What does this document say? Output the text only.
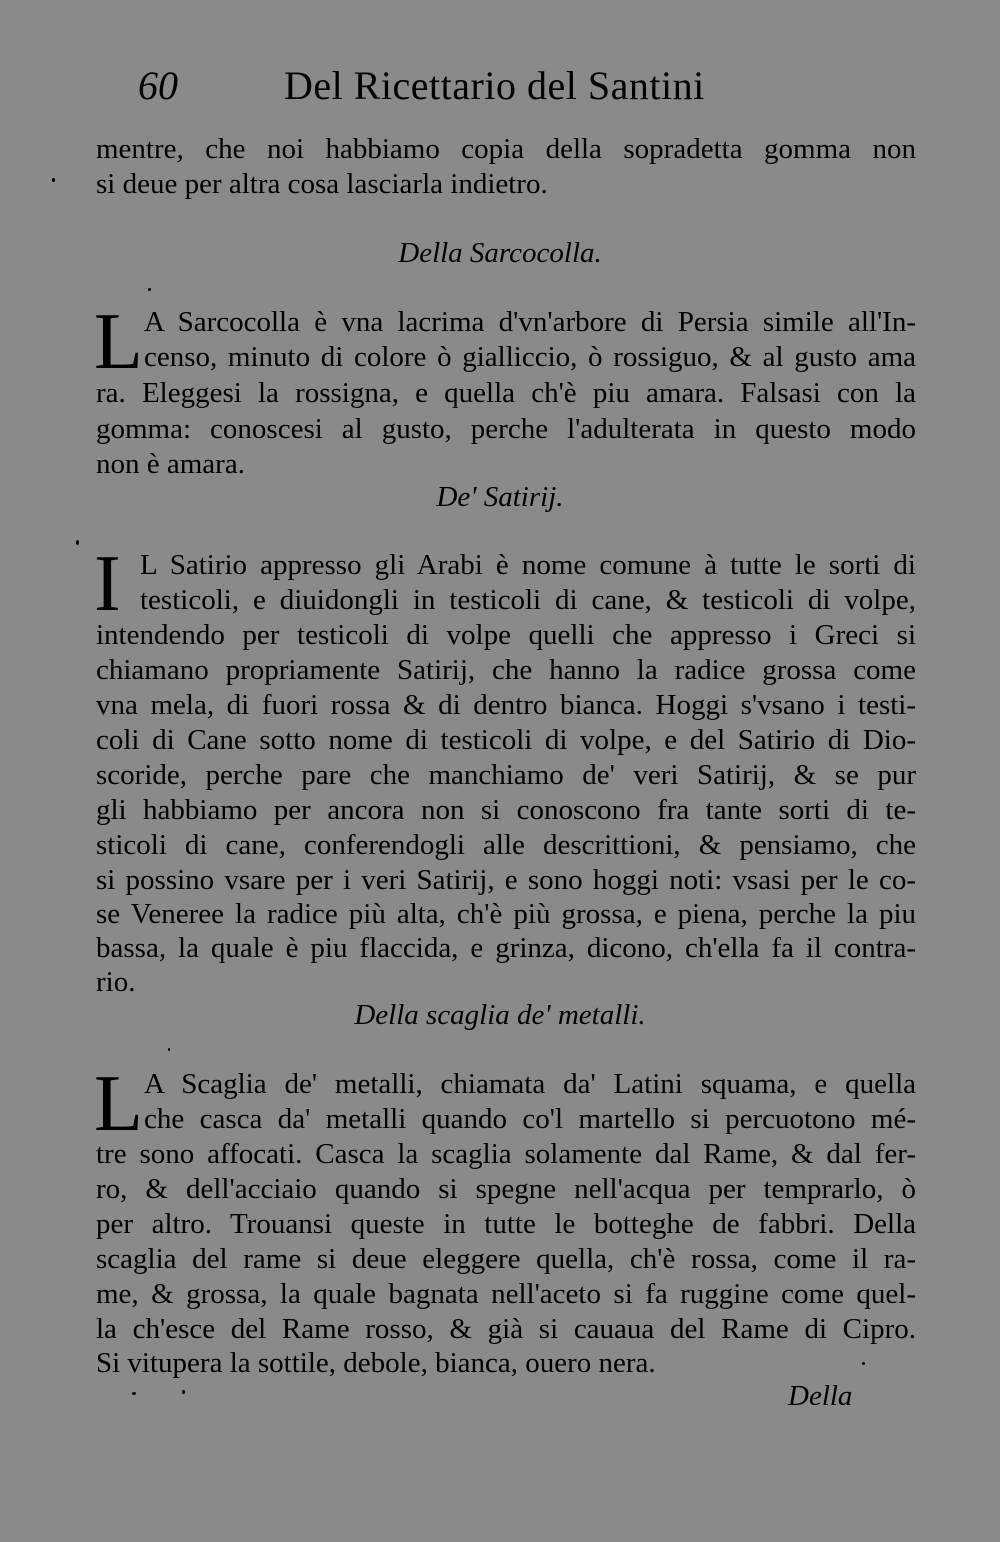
60	Del Ricettario del Santini
mentre, che noi habbiamo copia della sopradetta gomma non
si deue per altra cosa lasciarla indietro.
Della Sarcocolla.
L A Sarcocolla è vna lacrima d'vn'arbore di Persia simile all'In-
censo, minuto di colore ò gialliccio, ò rossiguo, & al gusto ama
ra. Eleggesi la rossigna, e quella ch'è piu amara. Falsasi con la
gomma: conoscesi al gusto, perche l'adulterata in questo modo
non è amara.
De' Satirij.
I L Satirio appresso gli Arabi è nome comune à tutte le sorti di
testicoli, e diuidongli in testicoli di cane, & testicoli di volpe,
intendendo per testicoli di volpe quelli che appresso i Greci si
chiamano propriamente Satirij, che hanno la radice grossa come
vna mela, di fuori rossa & di dentro bianca. Hoggi s'vsano i testi-
coli di Cane sotto nome di testicoli di volpe, e del Satirio di Dio-
scoride, perche pare che manchiamo de' veri Satirij, & se pur
gli habbiamo per ancora non si conoscono fra tante sorti di te-
sticoli di cane, conferendogli alle descrittioni, & pensiamo, che
si possino vsare per i veri Satirij, e sono hoggi noti: vsasi per le co-
se Veneree la radice più alta, ch'è più grossa, e piena, perche la piu
bassa, la quale è piu flaccida, e grinza, dicono, ch'ella fa il contra-
rio.
Della scaglia de' metalli.
L A Scaglia de' metalli, chiamata da' Latini squama, e quella
che casca da' metalli quando co'l martello si percuotono mé-
tre sono affocati. Casca la scaglia solamente dal Rame, & dal fer-
ro, & dell'acciaio quando si spegne nell'acqua per temprarlo, ò
per altro. Trouansi queste in tutte le botteghe de fabbri. Della
scaglia del rame si deue eleggere quella, ch'è rossa, come il ra-
me, & grossa, la quale bagnata nell'aceto si fa ruggine come quel-
la ch'esce del Rame rosso, & già si cauaua del Rame di Cipro.
Si vitupera la sottile, debole, bianca, ouero nera.
Della
